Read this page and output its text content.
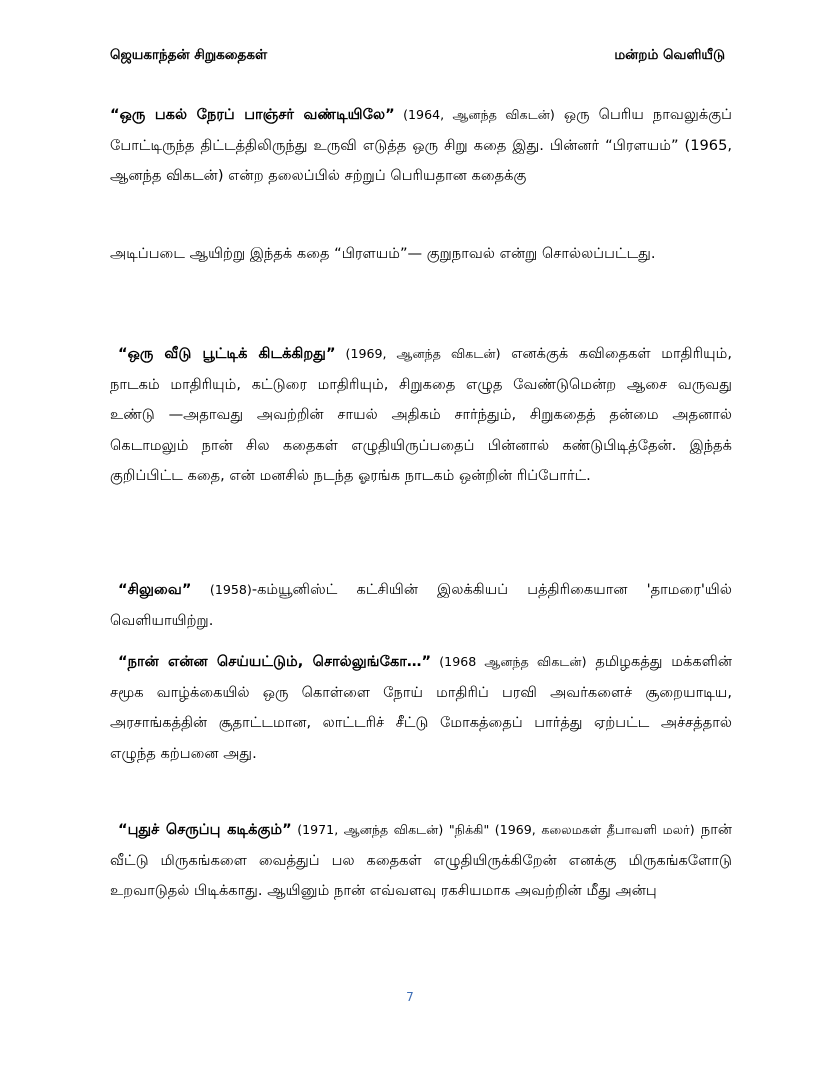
ஜெயகாந்தன் சிறுகதைகள்	மன்றம் வெளியீடு
“ஒரு பகல் நேரப் பாஞ்சர் வண்டியிலே” (1964, ஆனந்த விகடன்) ஒரு பெரிய நாவலுக்குப் போட்டிருந்த திட்டத்திலிருந்து உருவி எடுத்த ஒரு சிறு கதை இது. பின்னர் “பிரளயம்” (1965, ஆனந்த விகடன்) என்ற தலைப்பில் சற்றுப் பெரியதான கதைக்கு
அடிப்படை ஆயிற்று இந்தக் கதை “பிரளயம்”— குறுநாவல் என்று சொல்லப்பட்டது.
“ஒரு வீடு பூட்டிக் கிடக்கிறது” (1969, ஆனந்த விகடன்) எனக்குக் கவிதைகள் மாதிரியும், நாடகம் மாதிரியும், கட்டுரை மாதிரியும், சிறுகதை எழுத வேண்டுமென்ற ஆசை வருவது உண்டு —அதாவது அவற்றின் சாயல் அதிகம் சார்ந்தும், சிறுகதைத் தன்மை அதனால் கெடாமலும் நான் சில கதைகள் எழுதியிருப்பதைப் பின்னால் கண்டுபிடித்தேன். இந்தக் குறிப்பிட்ட கதை, என் மனசில் நடந்த ஓரங்க நாடகம் ஒன்றின் ரிப்போர்ட்.
“சிலுவை” (1958)-கம்யூனிஸ்ட் கட்சியின் இலக்கியப் பத்திரிகையான 'தாமரை'யில் வெளியாயிற்று.
“நான் என்ன செய்யட்டும், சொல்லுங்கோ…” (1968 ஆனந்த விகடன்) தமிழகத்து மக்களின் சமூக வாழ்க்கையில் ஒரு கொள்ளை நோய் மாதிரிப் பரவி அவர்களைச் சூறையாடிய, அரசாங்கத்தின் சூதாட்டமான, லாட்டரிச் சீட்டு மோகத்தைப் பார்த்து ஏற்பட்ட அச்சத்தால் எழுந்த கற்பனை அது.
“புதுச் செருப்பு கடிக்கும்” (1971, ஆனந்த விகடன்) "நிக்கி" (1969, கலைமகள் தீபாவளி மலர்) நான் வீட்டு மிருகங்களை வைத்துப் பல கதைகள் எழுதியிருக்கிறேன் எனக்கு மிருகங்களோடு உறவாடுதல் பிடிக்காது. ஆயினும் நான் எவ்வளவு ரகசியமாக அவற்றின் மீது அன்பு
7
